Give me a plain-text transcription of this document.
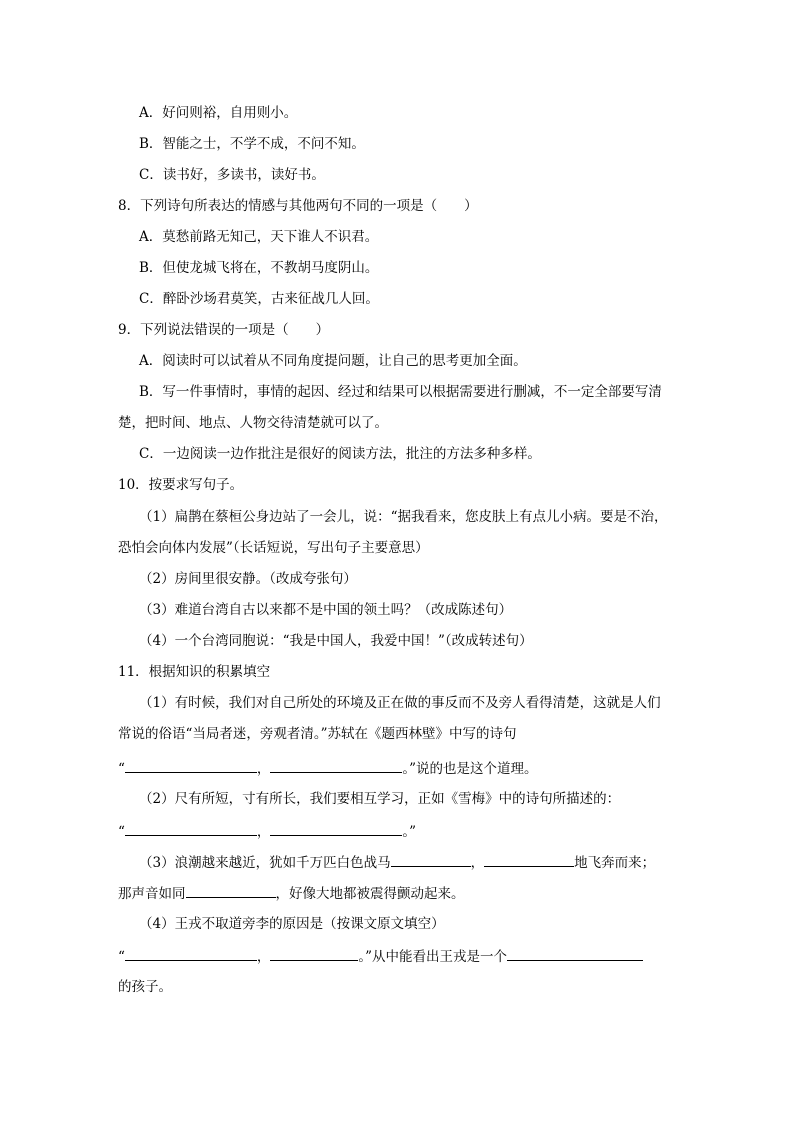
A．好问则裕，自用则小。
B．智能之士，不学不成，不问不知。
C．读书好，多读书，读好书。
8．下列诗句所表达的情感与其他两句不同的一项是（　　）
A．莫愁前路无知己，天下谁人不识君。
B．但使龙城飞将在，不教胡马度阴山。
C．醉卧沙场君莫笑，古来征战几人回。
9．下列说法错误的一项是（　　）
A．阅读时可以试着从不同角度提问题，让自己的思考更加全面。
B．写一件事情时，事情的起因、经过和结果可以根据需要进行删减，不一定全部要写清
楚，把时间、地点、人物交待清楚就可以了。
C．一边阅读一边作批注是很好的阅读方法，批注的方法多种多样。
10．按要求写句子。
（1）扁鹊在蔡桓公身边站了一会儿，说：“据我看来，您皮肤上有点儿小病。要是不治，
恐怕会向体内发展”（长话短说，写出句子主要意思）
（2）房间里很安静。（改成夸张句）
（3）难道台湾自古以来都不是中国的领土吗？（改成陈述句）
（4）一个台湾同胞说：“我是中国人，我爱中国！”（改成转述句）
11．根据知识的积累填空
（1）有时候，我们对自己所处的环境及正在做的事反而不及旁人看得清楚，这就是人们
常说的俗语“当局者迷，旁观者清。”苏轼在《题西林壁》中写的诗句
“	，	。”说的也是这个道理。
（2）尺有所短，寸有所长，我们要相互学习，正如《雪梅》中的诗句所描述的：
“	，	。”
（3）浪潮越来越近，犹如千万匹白色战马	，	地飞奔而来；
那声音如同	，好像大地都被震得颤动起来。
（4）王戎不取道旁李的原因是（按课文原文填空）
“	，	。”从中能看出王戎是一个
的孩子。
